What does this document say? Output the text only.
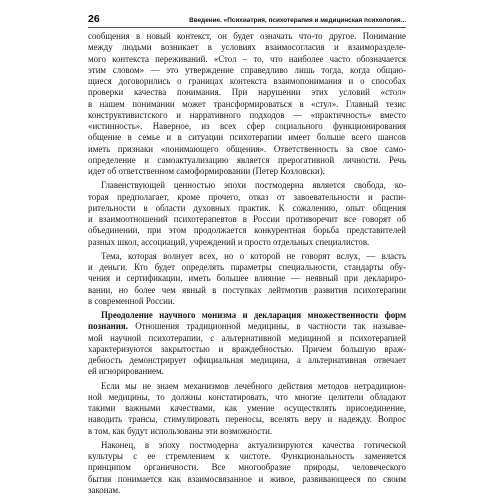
26	Введение. «Психиатрия, психотерапия и медицинская психология...
сообщения в новый контекст, он будет означать что-то другое. Понимание
между людьми возникает в условиях взаимосогласия и взаиморазделе-
мого контекста переживаний. «Стол – то, что наиболее часто обозначается
этим словом» — это утверждение справедливо лишь тогда, когда общаю-
щиеся договорились о границах контекста взаимопонимания и о способах
проверки качества понимания. При нарушении этих условий «стол»
в нашем понимании может трансформироваться в «стул». Главный тезис
конструктивистского и нарративного подходов — «практичность» вместо
«истинность». Наверное, из всех сфер социального функционирования
общение в семье и в ситуации психотерапии имеет больше всего шансов
иметь признаки «понимающего общения». Ответственность за свое само-
определение и самоактуализацию является прерогативной личности. Речь
идет об ответственном самоформировании (Петер Козловски).
Главенствующей ценностью эпохи постмодерна является свобода, ко-
торая предполагает, кроме прочего, отказ от завоевательности и распи-
рительности в области духовных практик. К сожалению, опыт общения
и взаимоотношений психотерапевтов в России противоречит все говорят об
объединении, при этом продолжается конкурентная борьба представителей
разных школ, ассоциаций, учреждений и просто отдельных специалистов.
Тема, которая волнует всех, но о которой не говорят вслух, — власть
и деньги. Кто будет определять параметры специальности, стандарты обу-
чения и сертификации, иметь большее влияние — неявный при деклариро-
вании, но более чем явный в поступках лейтмотив развития психотерапии
в современной России.
Преодоление научного монизма и декларация множественности форм
познания. Отношения традиционной медицины, в частности так называе-
мой научной психотерапии, с альтернативной медициной и психотерапией
характеризуются закрытостью и враждебностью. Причем большую враж-
дебность демонстрирует официальная медицина, а альтернативная отвечает
ей игнорированием.
Если мы не знаем механизмов лечебного действия методов нетрадицион-
ной медицины, то должны констатировать, что многие целители обладают
такими важными качествами, как умение осуществлять присоединение,
наводить трансы, стимулировать переносы, вселять веру и надежду. Вопрос
в том, как будут использованы эти возможности.
Наконец, в эпоху постмодерна актуализируются качества готической
культуры с ее стремлением к чистоте. Функциональность заменяется
принципом органичности. Все многообразие природы, человеческого
бытия понимается как взаимосвязанное и живое, развивающееся по своим
законам.
